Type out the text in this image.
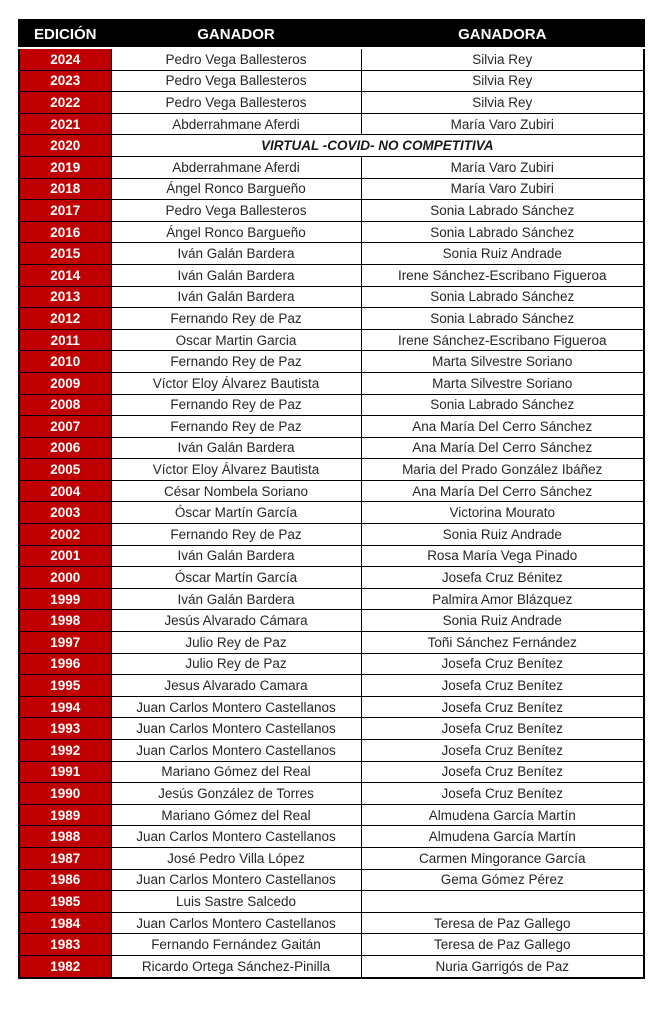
EDICIÓN	GANADOR	GANADORA
2024	Pedro Vega Ballesteros	Silvia Rey
2023	Pedro Vega Ballesteros	Silvia Rey
2022	Pedro Vega Ballesteros	Silvia Rey
2021	Abderrahmane Aferdi	María Varo Zubiri
2020	VIRTUAL -COVID- NO COMPETITIVA	
2019	Abderrahmane Aferdi	María Varo Zubiri
2018	Ángel Ronco Bargueño	María Varo Zubiri
2017	Pedro Vega Ballesteros	Sonia Labrado Sánchez
2016	Ángel Ronco Bargueño	Sonia Labrado Sánchez
2015	Iván Galán Bardera	Sonia Ruiz Andrade
2014	Iván Galán Bardera	Irene Sánchez-Escribano Figueroa
2013	Iván Galán Bardera	Sonia Labrado Sánchez
2012	Fernando Rey de Paz	Sonia Labrado Sánchez
2011	Oscar Martin Garcia	Irene Sánchez-Escribano Figueroa
2010	Fernando Rey de Paz	Marta Silvestre Soriano
2009	Víctor Eloy Álvarez Bautista	Marta Silvestre Soriano
2008	Fernando Rey de Paz	Sonia Labrado Sánchez
2007	Fernando Rey de Paz	Ana María Del Cerro Sánchez
2006	Iván Galán Bardera	Ana María Del Cerro Sánchez
2005	Víctor Eloy Álvarez Bautista	Maria del Prado González Ibáñez
2004	César Nombela Soriano	Ana María Del Cerro Sánchez
2003	Óscar Martín García	Victorina Mourato
2002	Fernando Rey de Paz	Sonia Ruiz Andrade
2001	Iván Galán Bardera	Rosa María Vega Pinado
2000	Óscar Martín García	Josefa Cruz Bénitez
1999	Iván Galán Bardera	Palmira Amor Blázquez
1998	Jesús Alvarado Cámara	Sonia Ruiz Andrade
1997	Julio Rey de Paz	Toñi Sánchez Fernández
1996	Julio Rey de Paz	Josefa Cruz Benítez
1995	Jesus Alvarado Camara	Josefa Cruz Benítez
1994	Juan Carlos Montero Castellanos	Josefa Cruz Benítez
1993	Juan Carlos Montero Castellanos	Josefa Cruz Benítez
1992	Juan Carlos Montero Castellanos	Josefa Cruz Benítez
1991	Mariano Gómez del Real	Josefa Cruz Benítez
1990	Jesús González de Torres	Josefa Cruz Benítez
1989	Mariano Gómez del Real	Almudena García Martín
1988	Juan Carlos Montero Castellanos	Almudena García Martín
1987	José Pedro Villa López	Carmen Mingorance García
1986	Juan Carlos Montero Castellanos	Gema Gómez Pérez
1985	Luis Sastre Salcedo	
1984	Juan Carlos Montero Castellanos	Teresa de Paz Gallego
1983	Fernando Fernández Gaitán	Teresa de Paz Gallego
1982	Ricardo Ortega Sánchez-Pinilla	Nuria Garrigós de Paz
